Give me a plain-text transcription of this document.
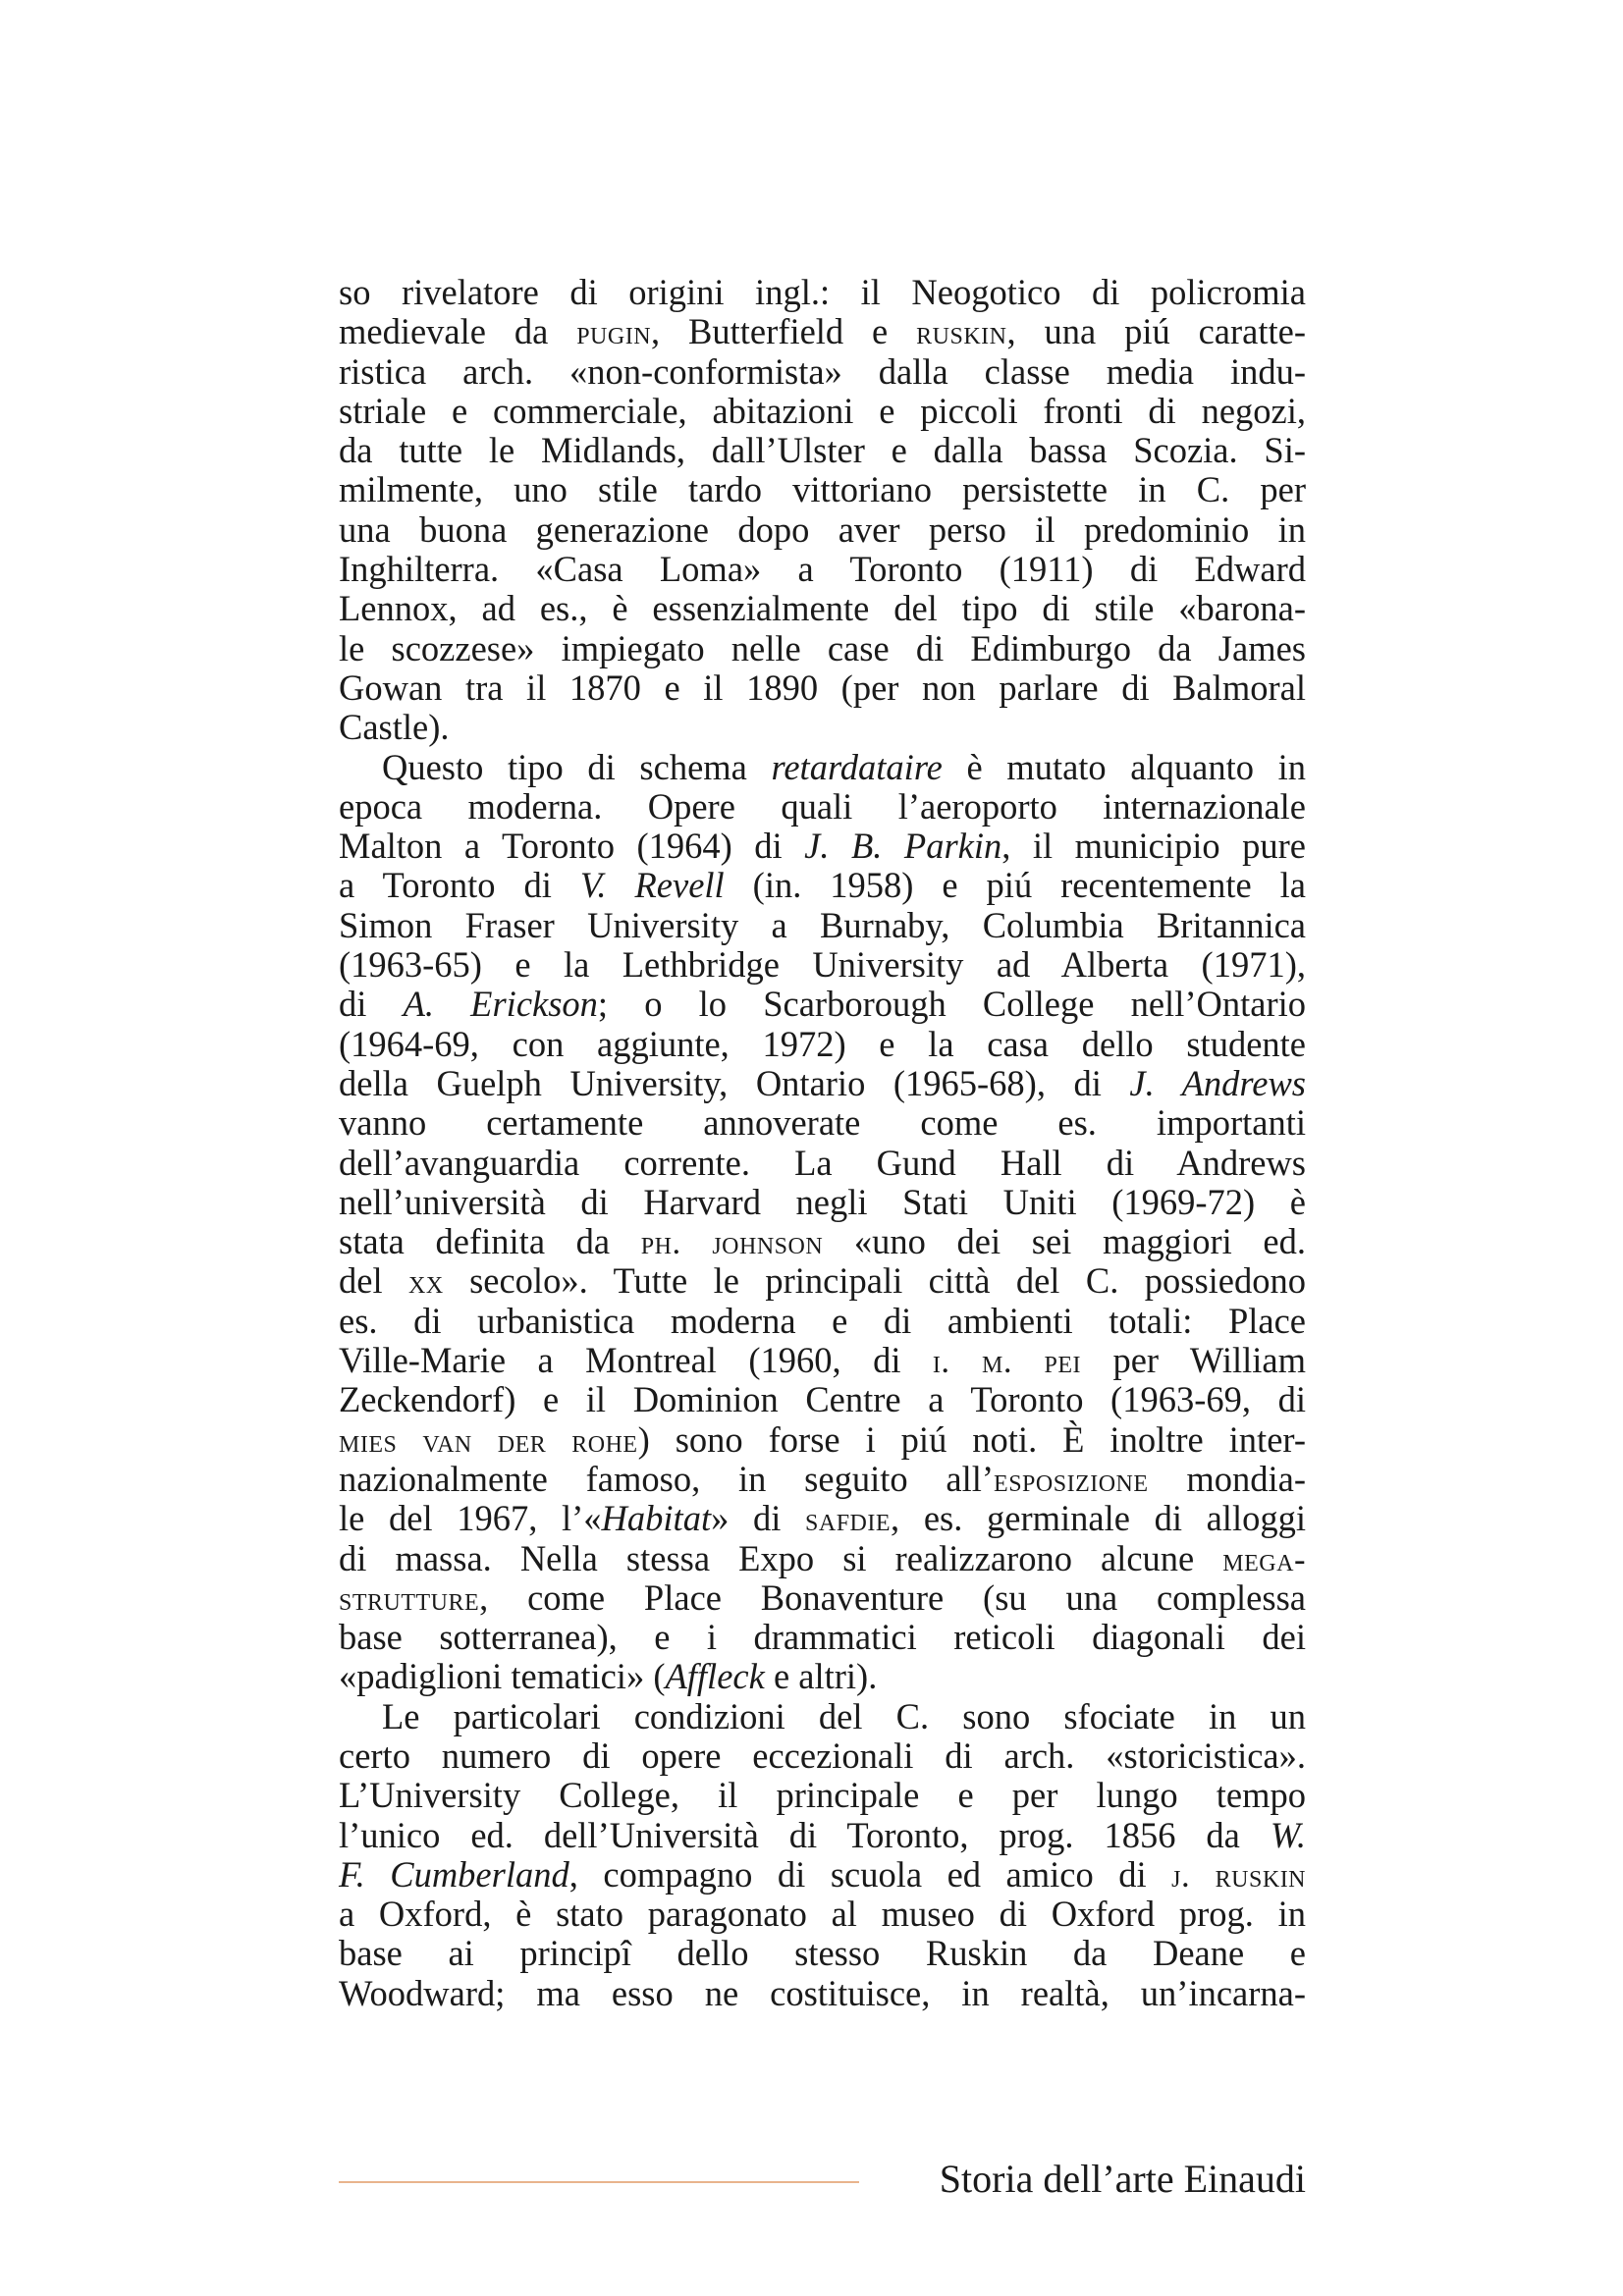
so rivelatore di origini ingl.: il Neogotico di policromia
medievale da pugin, Butterfield e ruskin, una piú caratte-
ristica arch. «non-conformista» dalla classe media indu-
striale e commerciale, abitazioni e piccoli fronti di negozi,
da tutte le Midlands, dall’Ulster e dalla bassa Scozia. Si-
milmente, uno stile tardo vittoriano persistette in C. per
una buona generazione dopo aver perso il predominio in
Inghilterra. «Casa Loma» a Toronto (1911) di Edward
Lennox, ad es., è essenzialmente del tipo di stile «barona-
le scozzese» impiegato nelle case di Edimburgo da James
Gowan tra il 1870 e il 1890 (per non parlare di Balmoral
Castle).
Questo tipo di schema retardataire è mutato alquanto in
epoca moderna. Opere quali l’aeroporto internazionale
Malton a Toronto (1964) di J. B. Parkin, il municipio pure
a Toronto di V. Revell (in. 1958) e piú recentemente la
Simon Fraser University a Burnaby, Columbia Britannica
(1963-65) e la Lethbridge University ad Alberta (1971),
di A. Erickson; o lo Scarborough College nell’Ontario
(1964-69, con aggiunte, 1972) e la casa dello studente
della Guelph University, Ontario (1965-68), di J. Andrews
vanno certamente annoverate come es. importanti
dell’avanguardia corrente. La Gund Hall di Andrews
nell’università di Harvard negli Stati Uniti (1969-72) è
stata definita da ph. johnson «uno dei sei maggiori ed.
del xx secolo». Tutte le principali città del C. possiedono
es. di urbanistica moderna e di ambienti totali: Place
Ville-Marie a Montreal (1960, di i. m. pei per William
Zeckendorf) e il Dominion Centre a Toronto (1963-69, di
mies van der rohe) sono forse i piú noti. È inoltre inter-
nazionalmente famoso, in seguito all’esposizione mondia-
le del 1967, l’«Habitat» di safdie, es. germinale di alloggi
di massa. Nella stessa Expo si realizzarono alcune mega-
strutture, come Place Bonaventure (su una complessa
base sotterranea), e i drammatici reticoli diagonali dei
«padiglioni tematici» (Affleck e altri).
Le particolari condizioni del C. sono sfociate in un
certo numero di opere eccezionali di arch. «storicistica».
L’University College, il principale e per lungo tempo
l’unico ed. dell’Università di Toronto, prog. 1856 da W.
F. Cumberland, compagno di scuola ed amico di j. ruskin
a Oxford, è stato paragonato al museo di Oxford prog. in
base ai principî dello stesso Ruskin da Deane e
Woodward; ma esso ne costituisce, in realtà, un’incarna-
Storia dell’arte Einaudi
